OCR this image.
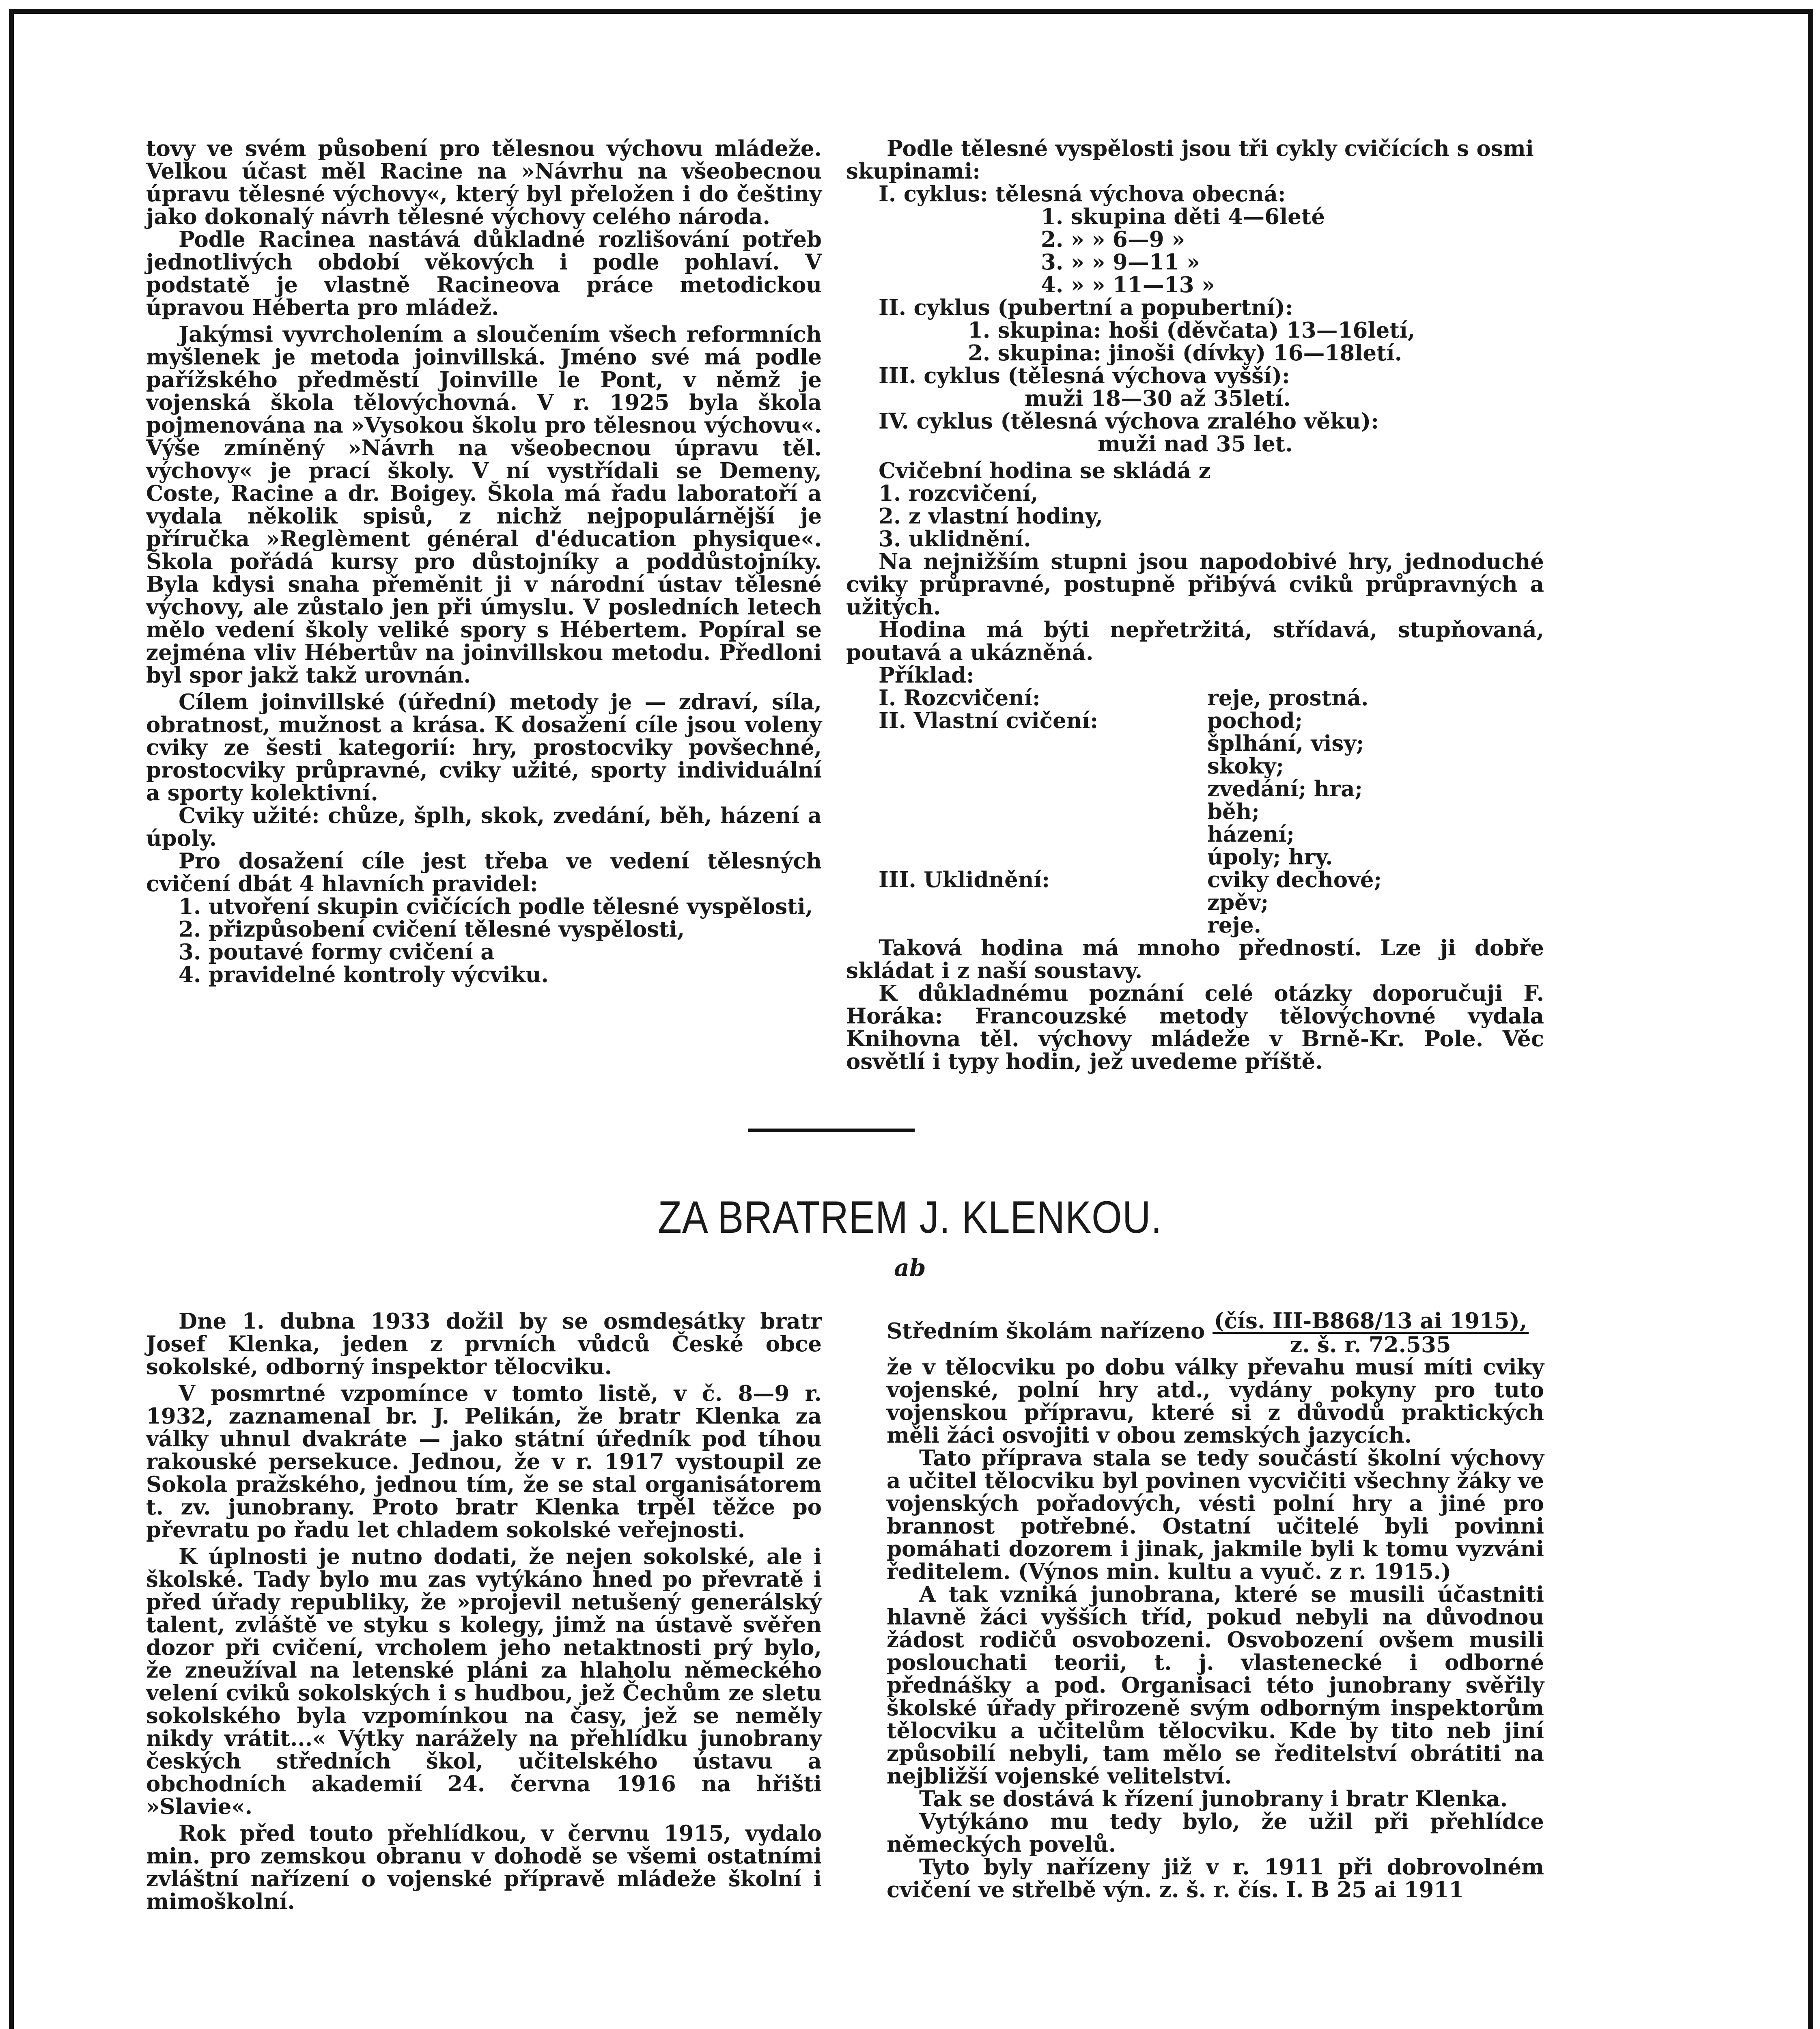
tovy ve svém působení pro tělesnou výchovu mládeže. Velkou účast měl Racine na »Návrhu na všeobecnou úpravu tělesné výchovy«, který byl přeložen i do češtiny jako dokonalý návrh tělesné výchovy celého národa.

Podle Racinea nastává důkladné rozlišování potřeb jednotlivých období věkových i podle pohlaví. V podstatě je vlastně Racineova práce metodickou úpravou Héberta pro mládež.

Jakýmsi vyvrcholením a sloučením všech reformních myšlenek je metoda joinvillská. Jméno své má podle pařížského předměstí Joinville le Pont, v němž je vojenská škola tělovýchovná. V r. 1925 byla škola pojmenována na »Vysokou školu pro tělesnou výchovu«. Výše zmíněný »Návrh na všeobecnou úpravu těl. výchovy« je prací školy. V ní vystřídali se Demeny, Coste, Racine a dr. Boigey. Škola má řadu laboratoří a vydala několik spisů, z nichž nejpopulárnější je příručka »Reglèment général d'éducation physique«. Škola pořádá kursy pro důstojníky a poddůstojníky. Byla kdysi snaha přeměnit ji v národní ústav tělesné výchovy, ale zůstalo jen při úmyslu. V posledních letech mělo vedení školy veliké spory s Hébertem. Popíral se zejména vliv Hébertův na joinvillskou metodu. Předloni byl spor jakž takž urovnán.

Cílem joinvillské (úřední) metody je — zdraví, síla, obratnost, mužnost a krása. K dosažení cíle jsou voleny cviky ze šesti kategorií: hry, prostocviky povšechné, prostocviky průpravné, cviky užité, sporty individuální a sporty kolektivní.

Cviky užité: chůze, šplh, skok, zvedání, běh, házení a úpoly.

Pro dosažení cíle jest třeba ve vedení tělesných cvičení dbát 4 hlavních pravidel:

1. utvoření skupin cvičících podle tělesné vyspělosti,

2. přizpůsobení cvičení tělesné vyspělosti,

3. poutavé formy cvičení a

4. pravidelné kontroly výcviku.

Podle tělesné vyspělosti jsou tři cykly cvičících s osmi skupinami:

I. cyklus: tělesná výchova obecná:

1. skupina děti 4—6leté

2. » » 6—9 »

3. » » 9—11 »

4. » » 11—13 »

II. cyklus (pubertní a popubertní):

1. skupina: hoši (děvčata) 13—16letí,

2. skupina: jinoši (dívky) 16—18letí.

III. cyklus (tělesná výchova vyšší):

muži 18—30 až 35letí.

IV. cyklus (tělesná výchova zralého věku):

muži nad 35 let.

Cvičební hodina se skládá z

1. rozcvičení,

2. z vlastní hodiny,

3. uklidnění.

Na nejnižším stupni jsou napodobivé hry, jednoduché cviky průpravné, postupně přibývá cviků průpravných a užitých.

Hodina má býti nepřetržitá, střídavá, stupňovaná, poutavá a ukázněná.

Příklad:

I. Rozcvičení:	reje, prostná.
II. Vlastní cvičení:	pochod;
šplhání, visy;
skoky;
zvedání; hra;
běh;
házení;
úpoly; hry.
III. Uklidnění:	cviky dechové;
zpěv;
reje.

Taková hodina má mnoho předností. Lze ji dobře skládat i z naší soustavy.

K důkladnému poznání celé otázky doporučuji F. Horáka: Francouzské metody tělovýchovné vydala Knihovna těl. výchovy mládeže v Brně-Kr. Pole. Věc osvětlí i typy hodin, jež uvedeme příště.

ZA BRATREM J. KLENKOU.
ab

Dne 1. dubna 1933 dožil by se osmdesátky bratr Josef Klenka, jeden z prvních vůdců České obce sokolské, odborný inspektor tělocviku.

V posmrtné vzpomínce v tomto listě, v č. 8—9 r. 1932, zaznamenal br. J. Pelikán, že bratr Klenka za války uhnul dvakráte — jako státní úředník pod tíhou rakouské persekuce. Jednou, že v r. 1917 vystoupil ze Sokola pražského, jednou tím, že se stal organisátorem t. zv. junobrany. Proto bratr Klenka trpěl těžce po převratu po řadu let chladem sokolské veřejnosti.

K úplnosti je nutno dodati, že nejen sokolské, ale i školské. Tady bylo mu zas vytýkáno hned po převratě i před úřady republiky, že »projevil netušený generálský talent, zvláště ve styku s kolegy, jimž na ústavě svěřen dozor při cvičení, vrcholem jeho netaktnosti prý bylo, že zneužíval na letenské pláni za hlaholu německého velení cviků sokolských i s hudbou, jež Čechům ze sletu sokolského byla vzpomínkou na časy, jež se neměly nikdy vrátit...« Výtky narážely na přehlídku junobrany českých středních škol, učitelského ústavu a obchodních akademií 24. června 1916 na hřišti »Slavie«.

Rok před touto přehlídkou, v červnu 1915, vydalo min. pro zemskou obranu v dohodě se všemi ostatními zvláštní nařízení o vojenské přípravě mládeže školní i mimoškolní.

Středním školám nařízeno $\frac{\text{(čís. III-B868/13 ai 1915),}}{z. š. r. 72.535}$

že v tělocviku po dobu války převahu musí míti cviky vojenské, polní hry atd., vydány pokyny pro tuto vojenskou přípravu, které si z důvodů praktických měli žáci osvojiti v obou zemských jazycích.

Tato příprava stala se tedy součástí školní výchovy a učitel tělocviku byl povinen vycvičiti všechny žáky ve vojenských pořadových, vésti polní hry a jiné pro brannost potřebné. Ostatní učitelé byli povinni pomáhati dozorem i jinak, jakmile byli k tomu vyzváni ředitelem. (Výnos min. kultu a vyuč. z r. 1915.)

A tak vzniká junobrana, které se musili účastniti hlavně žáci vyšších tříd, pokud nebyli na důvodnou žádost rodičů osvobozeni. Osvobození ovšem musili poslouchati teorii, t. j. vlastenecké i odborné přednášky a pod. Organisaci této junobrany svěřily školské úřady přirozeně svým odborným inspektorům tělocviku a učitelům tělocviku. Kde by tito neb jiní způsobilí nebyli, tam mělo se ředitelství obrátiti na nejbližší vojenské velitelství.

Tak se dostává k řízení junobrany i bratr Klenka.

Vytýkáno mu tedy bylo, že užil při přehlídce německých povelů.

Tyto byly nařízeny již v r. 1911 při dobrovolném cvičení ve střelbě výn. z. š. r. čís. I. B 25 ai 1911
